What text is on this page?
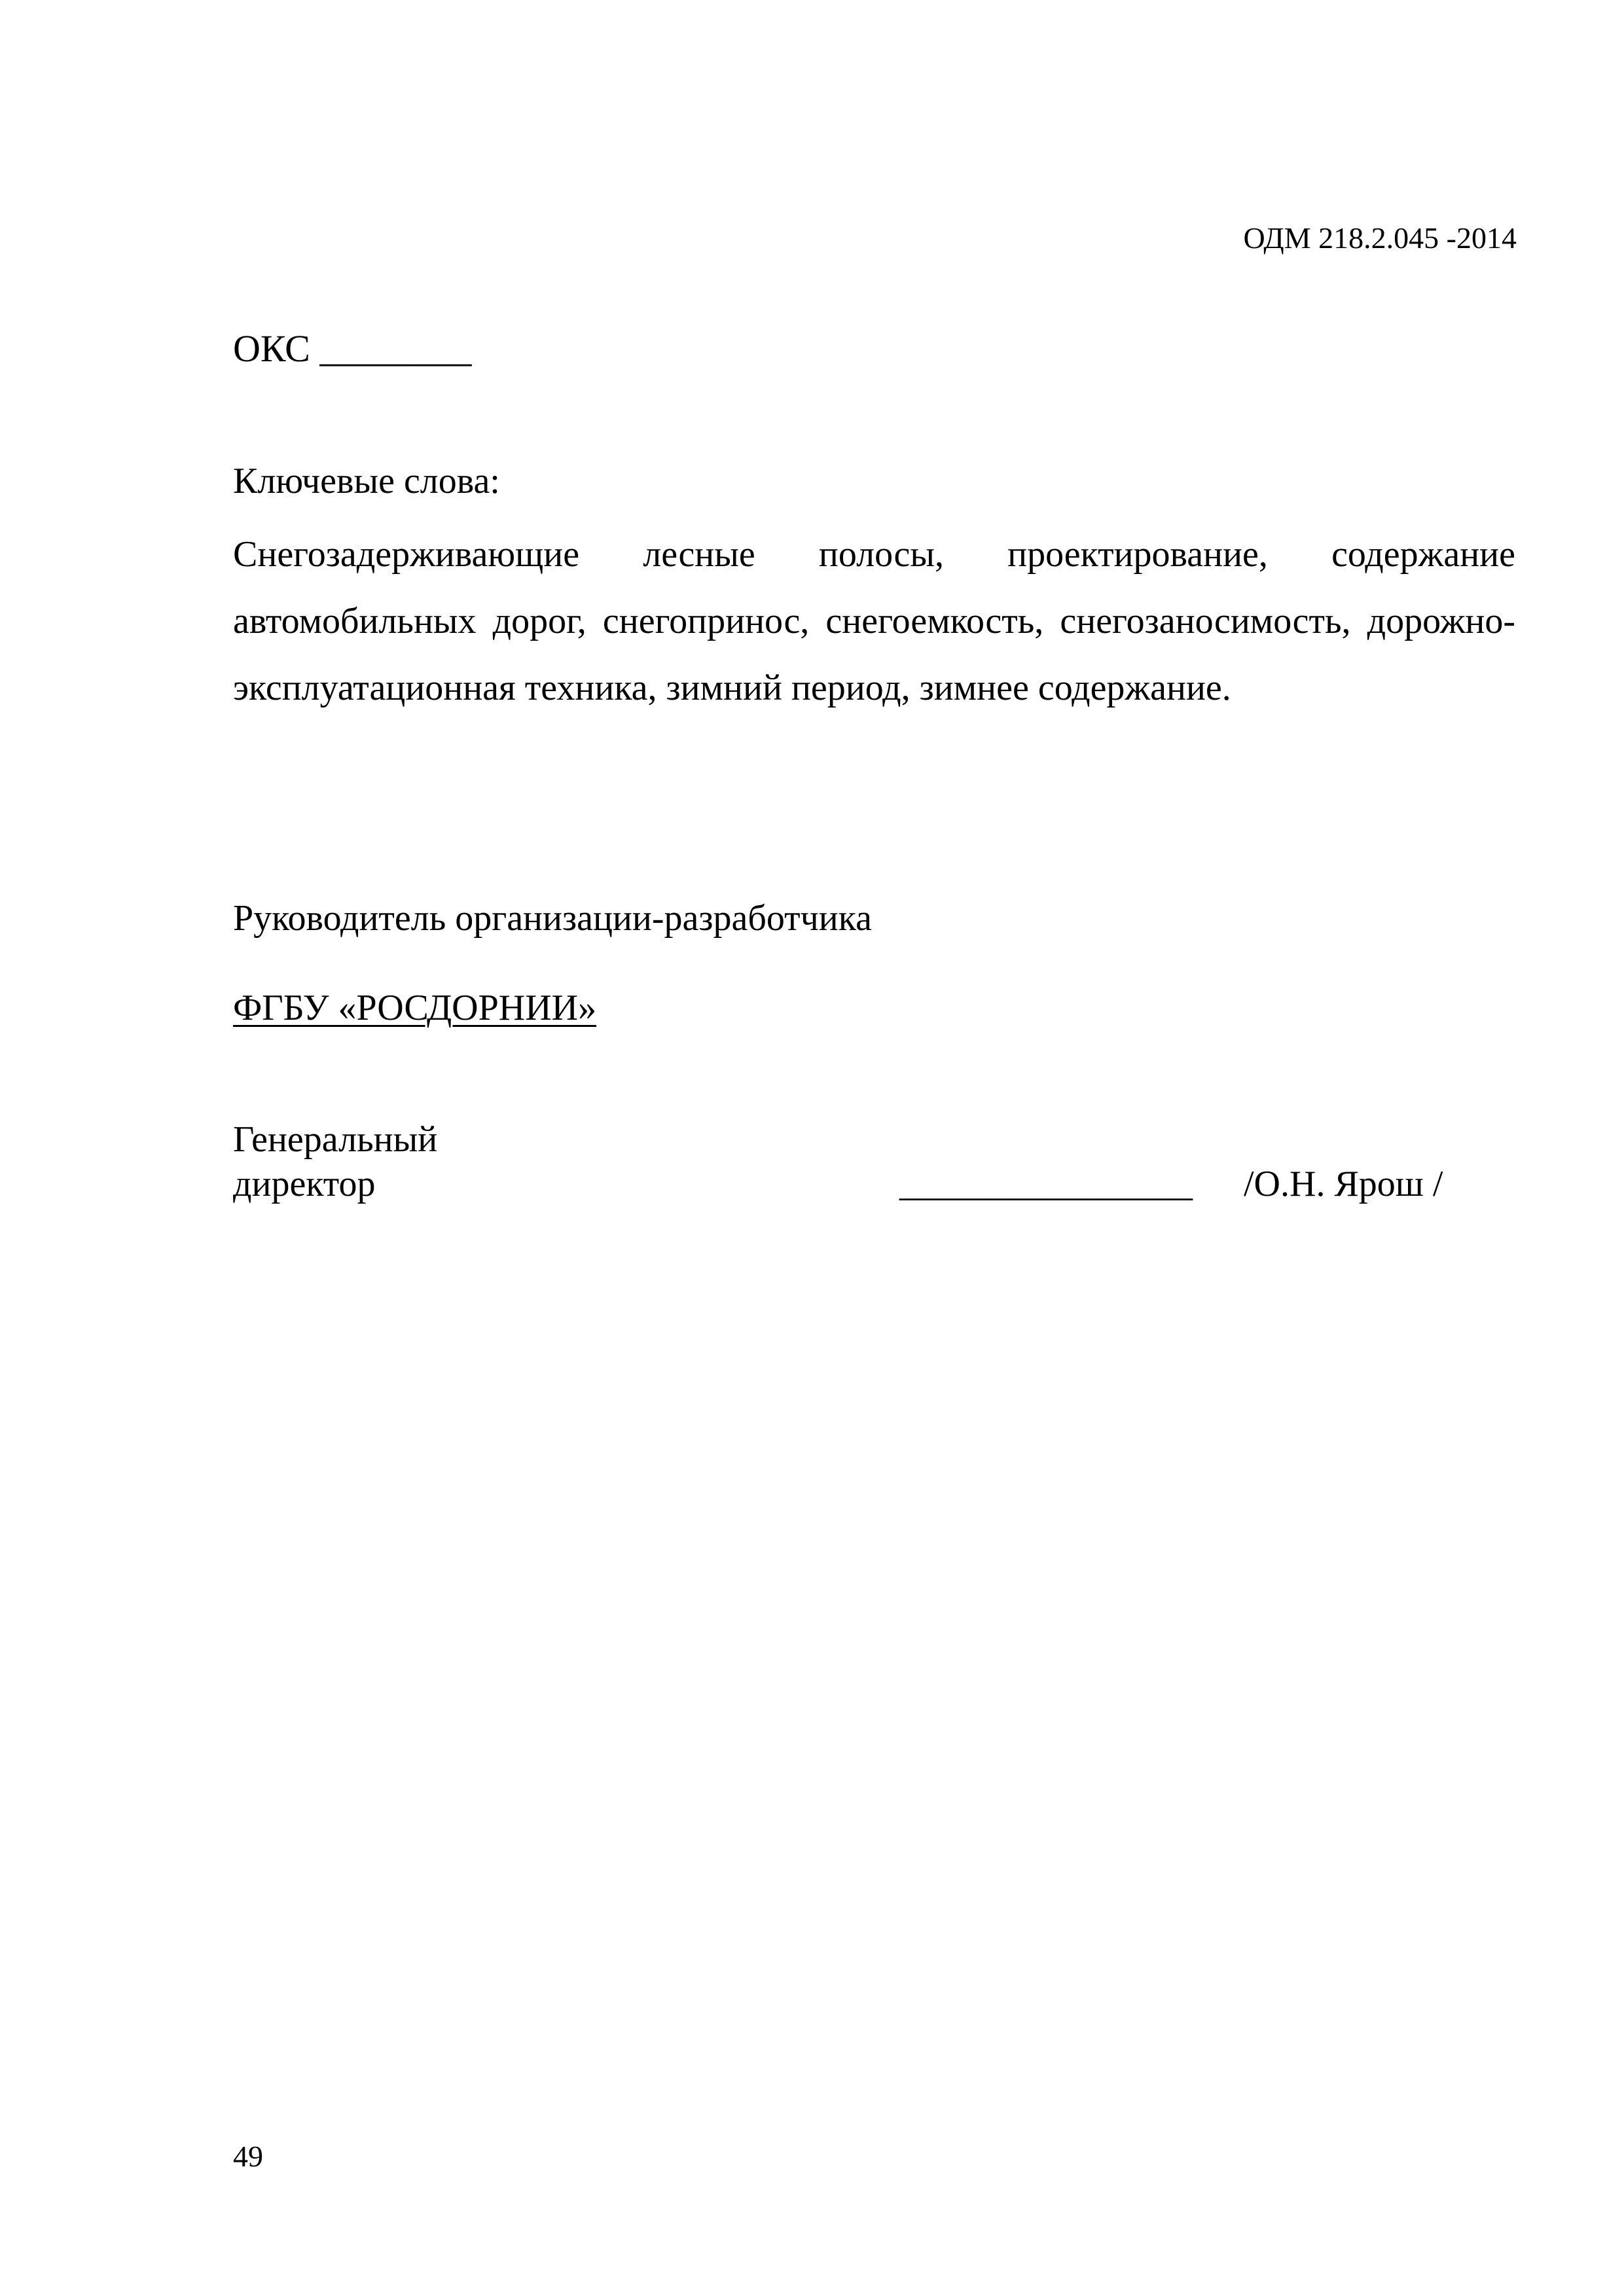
ОДМ 218.2.045 -2014
ОКС ________
Ключевые слова:
Снегозадерживающие лесные полосы, проектирование, содержание автомобильных дорог, снегопринос, снегоемкость, снегозаносимость, дорожно-эксплуатационная техника, зимний период, зимнее содержание.
Руководитель организации-разработчика
ФГБУ «РОСДОРНИИ»
Генеральный
директор	________________ /О.Н. Ярош /
49
